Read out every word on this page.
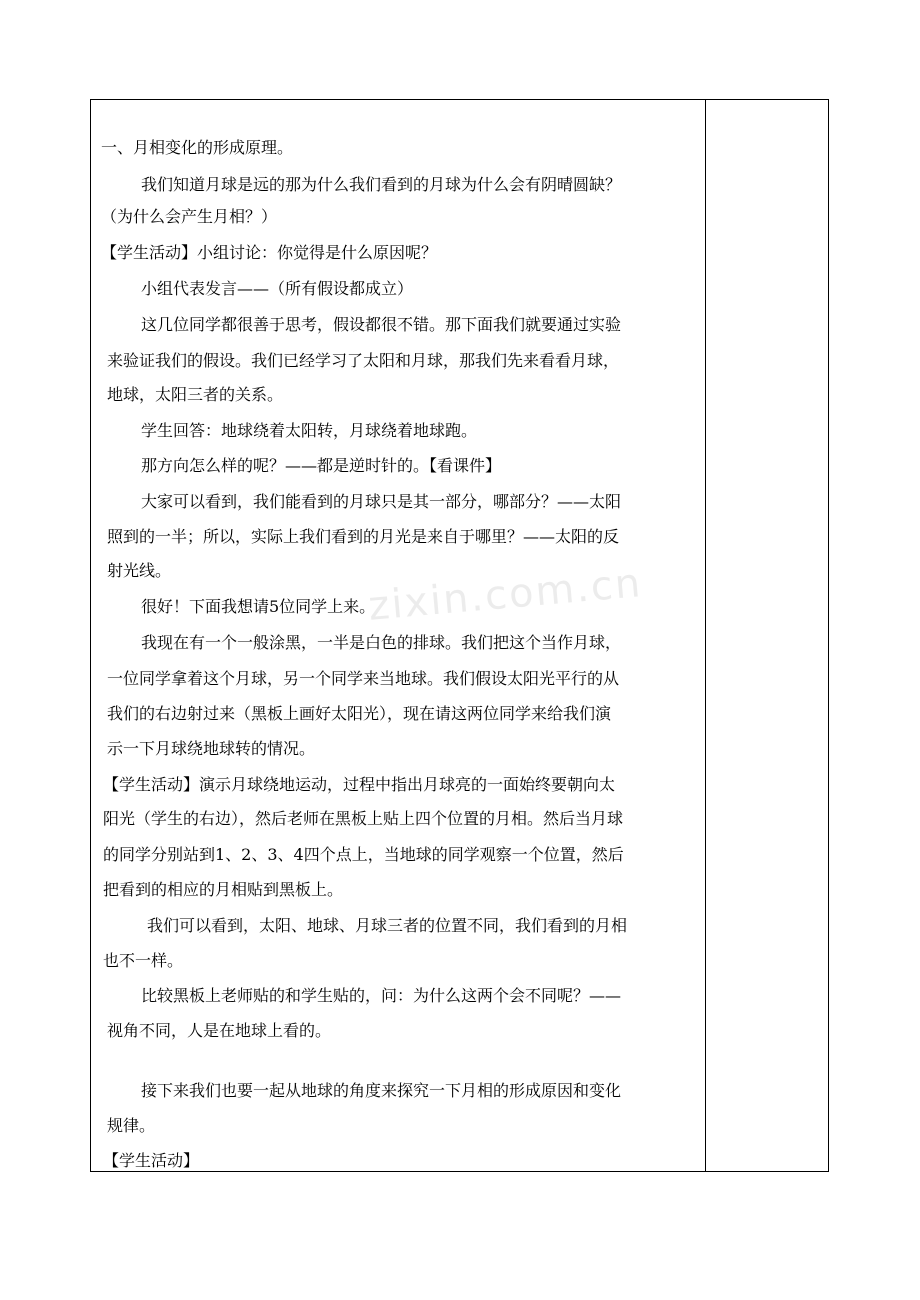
一、月相变化的形成原理。
我们知道月球是远的那为什么我们看到的月球为什么会有阴晴圆缺？
（为什么会产生月相？）
【学生活动】小组讨论：你觉得是什么原因呢？
小组代表发言——（所有假设都成立）
这几位同学都很善于思考，假设都很不错。那下面我们就要通过实验
来验证我们的假设。我们已经学习了太阳和月球，那我们先来看看月球，
地球，太阳三者的关系。
学生回答：地球绕着太阳转，月球绕着地球跑。
那方向怎么样的呢？——都是逆时针的。【看课件】
大家可以看到，我们能看到的月球只是其一部分，哪部分？——太阳
照到的一半；所以，实际上我们看到的月光是来自于哪里？——太阳的反
射光线。
很好！下面我想请5位同学上来。
我现在有一个一般涂黑，一半是白色的排球。我们把这个当作月球，
一位同学拿着这个月球，另一个同学来当地球。我们假设太阳光平行的从
我们的右边射过来（黑板上画好太阳光），现在请这两位同学来给我们演
示一下月球绕地球转的情况。
【学生活动】演示月球绕地运动，过程中指出月球亮的一面始终要朝向太
阳光（学生的右边），然后老师在黑板上贴上四个位置的月相。然后当月球
的同学分别站到1、2、3、4四个点上，当地球的同学观察一个位置，然后
把看到的相应的月相贴到黑板上。
我们可以看到，太阳、地球、月球三者的位置不同，我们看到的月相
也不一样。
比较黑板上老师贴的和学生贴的，问：为什么这两个会不同呢？——
视角不同，人是在地球上看的。
接下来我们也要一起从地球的角度来探究一下月相的形成原因和变化
规律。
【学生活动】
zixin.com.cn
